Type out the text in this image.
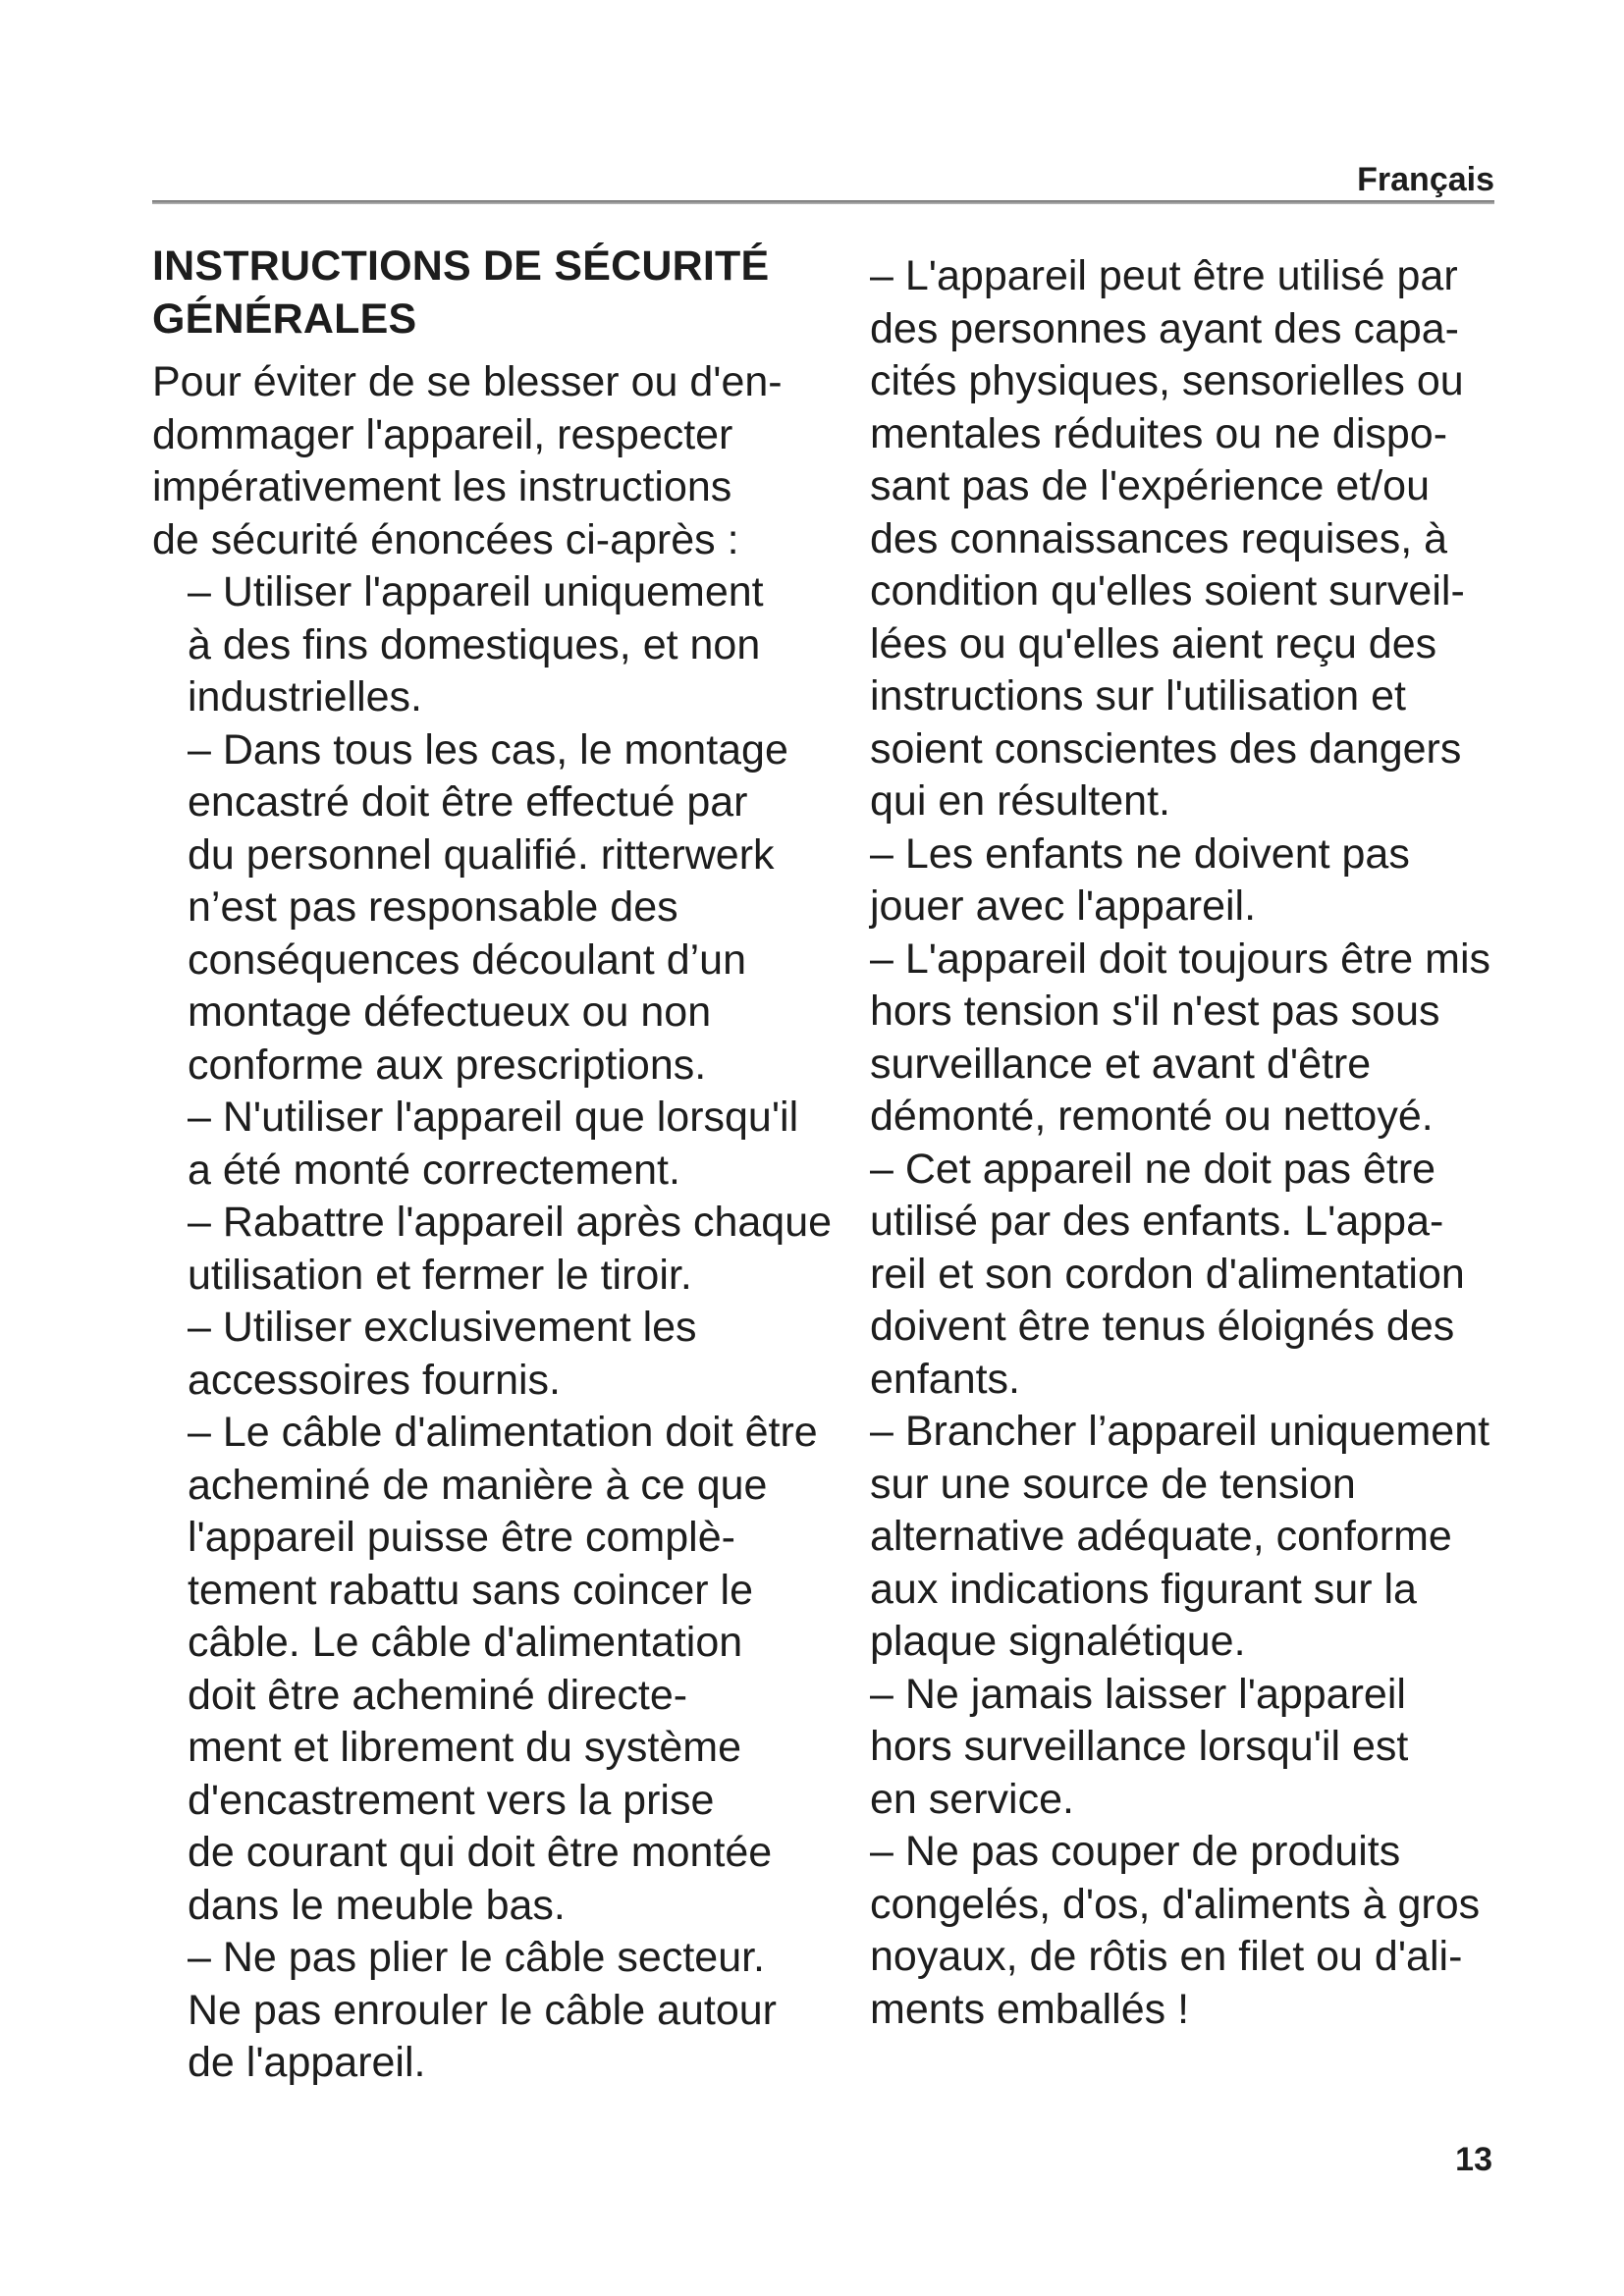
Français
INSTRUCTIONS DE SÉCURITÉ
GÉNÉRALES
Pour éviter de se blesser ou d'en-
dommager l'appareil, respecter
impérativement les instructions
de sécurité énoncées ci-après :
– Utiliser l'appareil uniquement
à des fins domestiques, et non
industrielles.
– Dans tous les cas, le montage
encastré doit être effectué par
du personnel qualifié. ritterwerk
n’est pas responsable des
conséquences découlant d’un
montage défectueux ou non
conforme aux prescriptions.
– N'utiliser l'appareil que lorsqu'il
a été monté correctement.
– Rabattre l'appareil après chaque
utilisation et fermer le tiroir.
– Utiliser exclusivement les
accessoires fournis.
– Le câble d'alimentation doit être
acheminé de manière à ce que
l'appareil puisse être complè-
tement rabattu sans coincer le
câble. Le câble d'alimentation
doit être acheminé directe-
ment et librement du système
d'encastrement vers la prise
de courant qui doit être montée
dans le meuble bas.
– Ne pas plier le câble secteur.
Ne pas enrouler le câble autour
de l'appareil.
– L'appareil peut être utilisé par
des personnes ayant des capa-
cités physiques, sensorielles ou
mentales réduites ou ne dispo-
sant pas de l'expérience et/ou
des connaissances requises, à
condition qu'elles soient surveil-
lées ou qu'elles aient reçu des
instructions sur l'utilisation et
soient conscientes des dangers
qui en résultent.
– Les enfants ne doivent pas
jouer avec l'appareil.
– L'appareil doit toujours être mis
hors tension s'il n'est pas sous
surveillance et avant d'être
démonté, remonté ou nettoyé.
– Cet appareil ne doit pas être
utilisé par des enfants. L'appa-
reil et son cordon d'alimentation
doivent être tenus éloignés des
enfants.
– Brancher l’appareil uniquement
sur une source de tension
alternative adéquate, conforme
aux indications figurant sur la
plaque signalétique.
– Ne jamais laisser l'appareil
hors surveillance lorsqu'il est
en service.
– Ne pas couper de produits
congelés, d'os, d'aliments à gros
noyaux, de rôtis en filet ou d'ali-
ments emballés !
13
